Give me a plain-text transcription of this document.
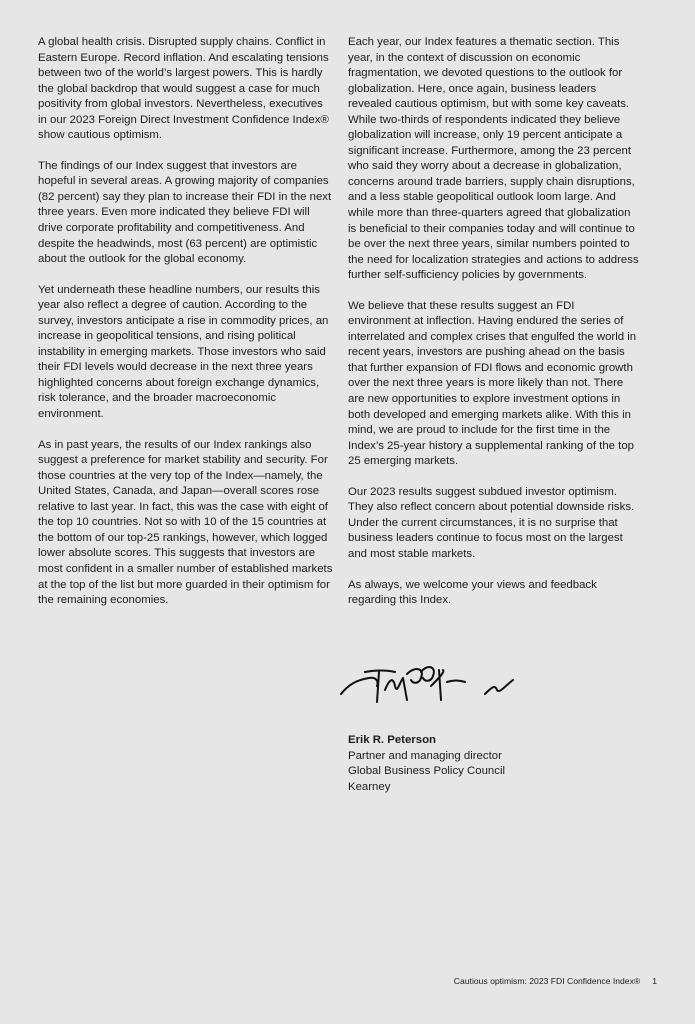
A global health crisis. Disrupted supply chains. Conflict in Eastern Europe. Record inflation. And escalating tensions between two of the world’s largest powers. This is hardly the global backdrop that would suggest a case for much positivity from global investors. Nevertheless, executives in our 2023 Foreign Direct Investment Confidence Index® show cautious optimism.

The findings of our Index suggest that investors are hopeful in several areas. A growing majority of companies (82 percent) say they plan to increase their FDI in the next three years. Even more indicated they believe FDI will drive corporate profitability and competitiveness. And despite the headwinds, most (63 percent) are optimistic about the outlook for the global economy.

Yet underneath these headline numbers, our results this year also reflect a degree of caution. According to the survey, investors anticipate a rise in commodity prices, an increase in geopolitical tensions, and rising political instability in emerging markets. Those investors who said their FDI levels would decrease in the next three years highlighted concerns about foreign exchange dynamics, risk tolerance, and the broader macroeconomic environment.

As in past years, the results of our Index rankings also suggest a preference for market stability and security. For those countries at the very top of the Index—namely, the United States, Canada, and Japan—overall scores rose relative to last year. In fact, this was the case with eight of the top 10 countries. Not so with 10 of the 15 countries at the bottom of our top-25 rankings, however, which logged lower absolute scores. This suggests that investors are most confident in a smaller number of established markets at the top of the list but more guarded in their optimism for the remaining economies.

Each year, our Index features a thematic section. This year, in the context of discussion on economic fragmentation, we devoted questions to the outlook for globalization. Here, once again, business leaders revealed cautious optimism, but with some key caveats. While two-thirds of respondents indicated they believe globalization will increase, only 19 percent anticipate a significant increase. Furthermore, among the 23 percent who said they worry about a decrease in globalization, concerns around trade barriers, supply chain disruptions, and a less stable geopolitical outlook loom large. And while more than three-quarters agreed that globalization is beneficial to their companies today and will continue to be over the next three years, similar numbers pointed to the need for localization strategies and actions to address further self-sufficiency policies by governments.

We believe that these results suggest an FDI environment at inflection. Having endured the series of interrelated and complex crises that engulfed the world in recent years, investors are pushing ahead on the basis that further expansion of FDI flows and economic growth over the next three years is more likely than not. There are new opportunities to explore investment options in both developed and emerging markets alike. With this in mind, we are proud to include for the first time in the Index’s 25-year history a supplemental ranking of the top 25 emerging markets.

Our 2023 results suggest subdued investor optimism. They also reflect concern about potential downside risks. Under the current circumstances, it is no surprise that business leaders continue to focus most on the largest and most stable markets.

As always, we welcome your views and feedback regarding this Index.

Erik R. Peterson
Partner and managing director
Global Business Policy Council
Kearney
Cautious optimism: 2023 FDI Confidence Index® 1
